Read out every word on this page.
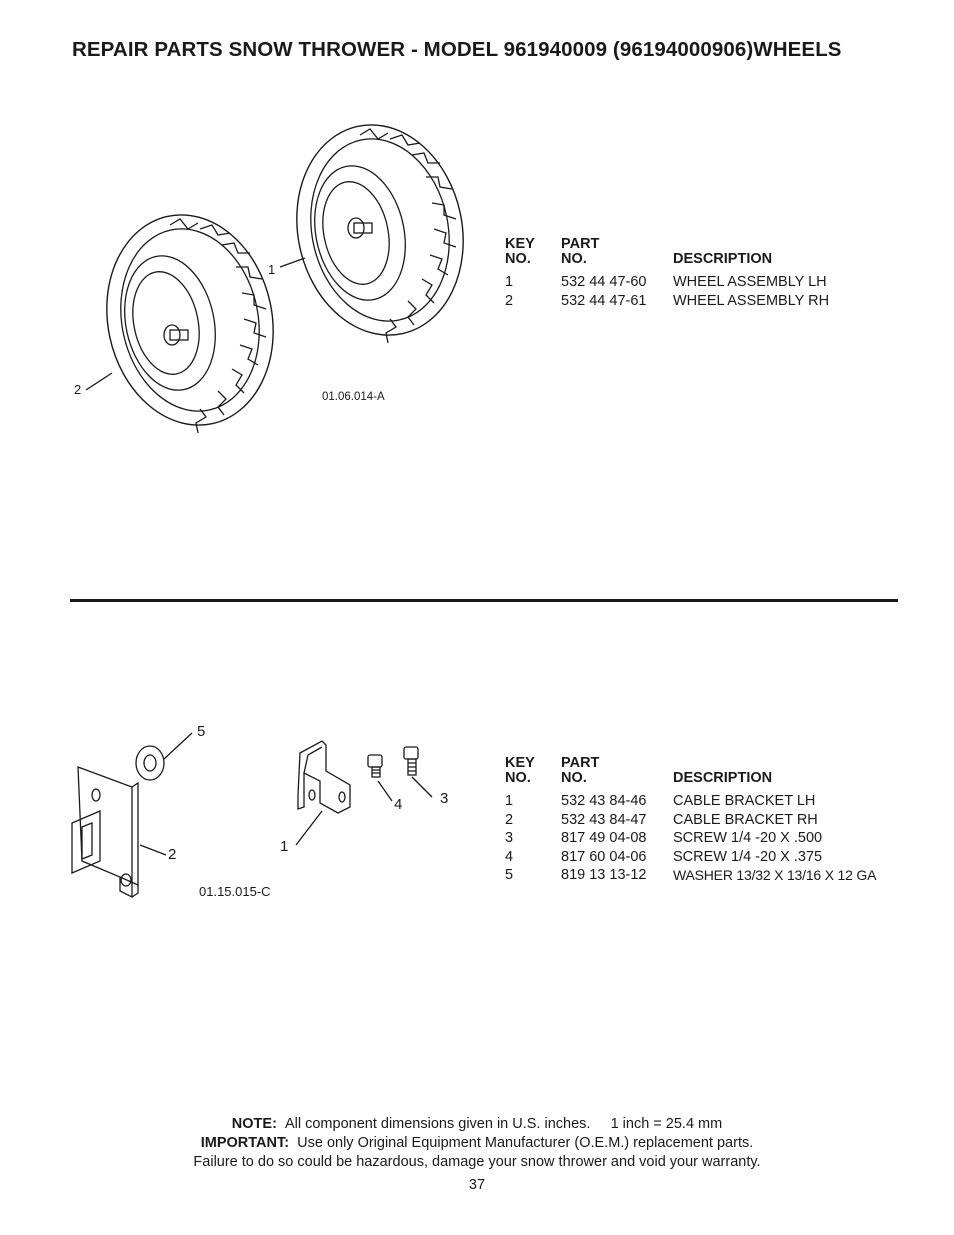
REPAIR PARTS SNOW THROWER - MODEL 961940009 (96194000906)WHEELS
1
2	01.06.014-A
KEY
NO.	PART
NO.	DESCRIPTION

1	532 44 47-60	WHEEL ASSEMBLY LH
2	532 44 47-61	WHEEL ASSEMBLY RH
5
2	1
4	3
01.15.015-C
KEY
NO.	PART
NO.	DESCRIPTION

1	532 43 84-46	CABLE BRACKET LH
2	532 43 84-47	CABLE BRACKET RH
3	817 49 04-08	SCREW 1/4 -20 X .500
4	817 60 04-06	SCREW 1/4 -20 X .375
5	819 13 13-12	WASHER 13/32 X 13/16 X 12 GA
NOTE: All component dimensions given in U.S. inches.     1 inch = 25.4 mm
IMPORTANT: Use only Original Equipment Manufacturer (O.E.M.) replacement parts.
Failure to do so could be hazardous, damage your snow thrower and void your warranty.
37
